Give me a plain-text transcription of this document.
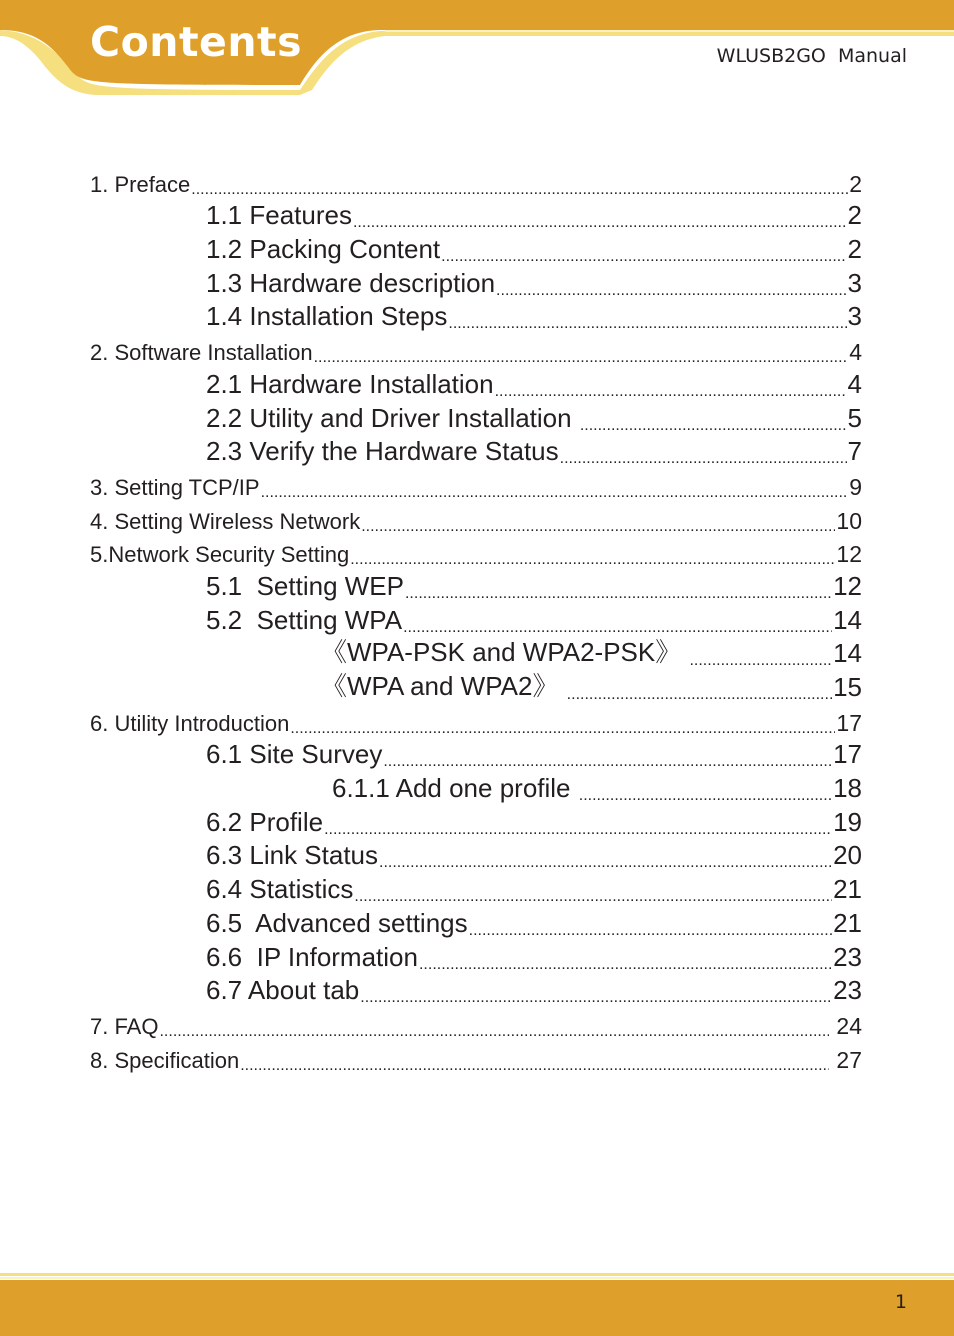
Contents	WLUSB2GO  Manual
1. Preface .....	2
1.1 Features .....	2
1.2 Packing Content .....	2
1.3 Hardware description .....	3
1.4 Installation Steps .....	3
2. Software Installation .....	4
2.1 Hardware Installation .....	4
2.2 Utility and Driver Installation .....	5
2.3 Verify the Hardware Status .....	7
3. Setting TCP/IP .....	9
4. Setting Wireless Network .....	10
5.Network Security Setting .....	12
5.1  Setting WEP .....	12
5.2  Setting WPA .....	14
《WPA-PSK and WPA2-PSK》 .....	14
《WPA and WPA2》 .....	15
6. Utility Introduction .....	17
6.1 Site Survey .....	17
6.1.1 Add one profile .....	18
6.2 Profile .....	19
6.3 Link Status .....	20
6.4 Statistics .....	21
6.5  Advanced settings .....	21
6.6  IP Information .....	23
6.7 About tab .....	23
7. FAQ .....	24
8. Specification .....	27
1
